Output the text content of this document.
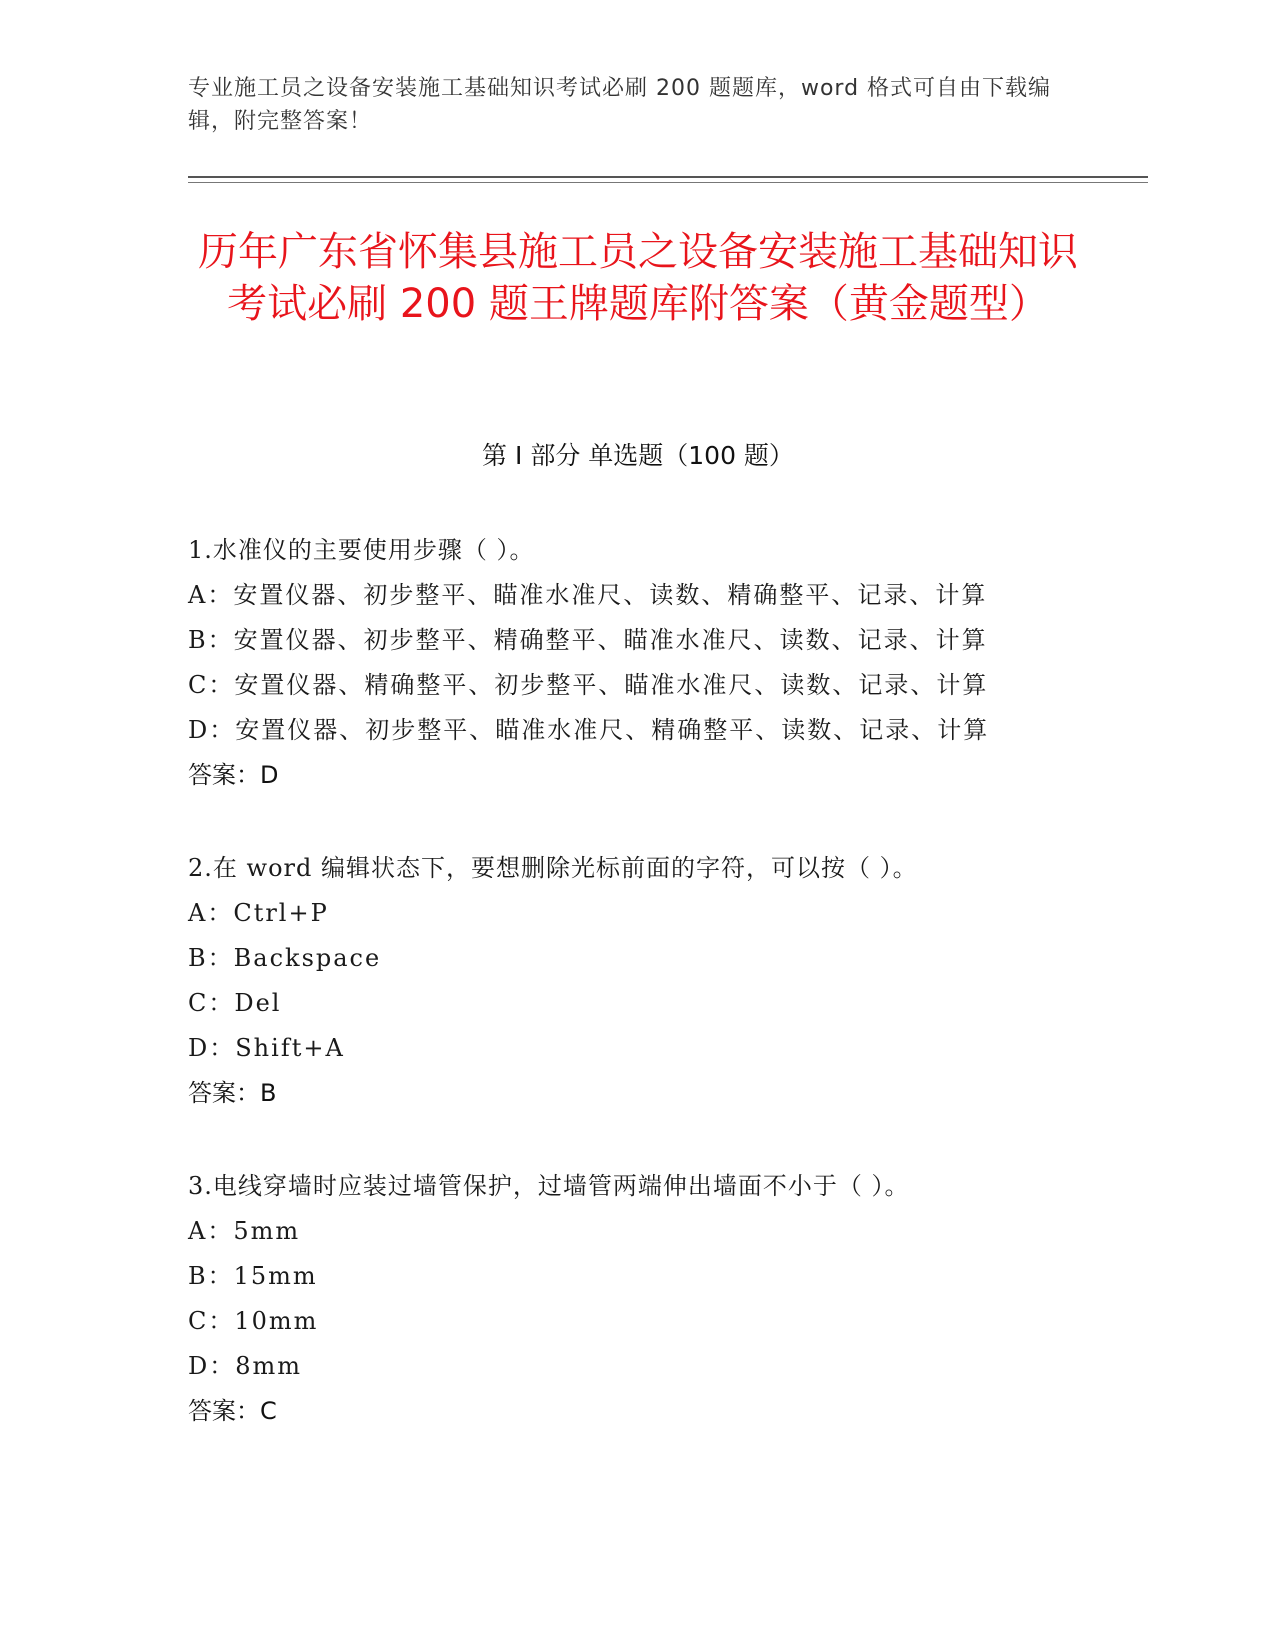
专业施工员之设备安装施工基础知识考试必刷 200 题题库，word 格式可自由下载编辑，附完整答案！
历年广东省怀集县施工员之设备安装施工基础知识考试必刷 200 题王牌题库附答案（黄金题型）
第 I 部分 单选题（100 题）
1.水准仪的主要使用步骤（ ）。
A：安置仪器、初步整平、瞄准水准尺、读数、精确整平、记录、计算
B：安置仪器、初步整平、精确整平、瞄准水准尺、读数、记录、计算
C：安置仪器、精确整平、初步整平、瞄准水准尺、读数、记录、计算
D：安置仪器、初步整平、瞄准水准尺、精确整平、读数、记录、计算
答案：D
2.在 word 编辑状态下，要想删除光标前面的字符，可以按（ ）。
A：Ctrl+P
B：Backspace
C：Del
D：Shift+A
答案：B
3.电线穿墙时应装过墙管保护，过墙管两端伸出墙面不小于（ ）。
A：5mm
B：15mm
C：10mm
D：8mm
答案：C
